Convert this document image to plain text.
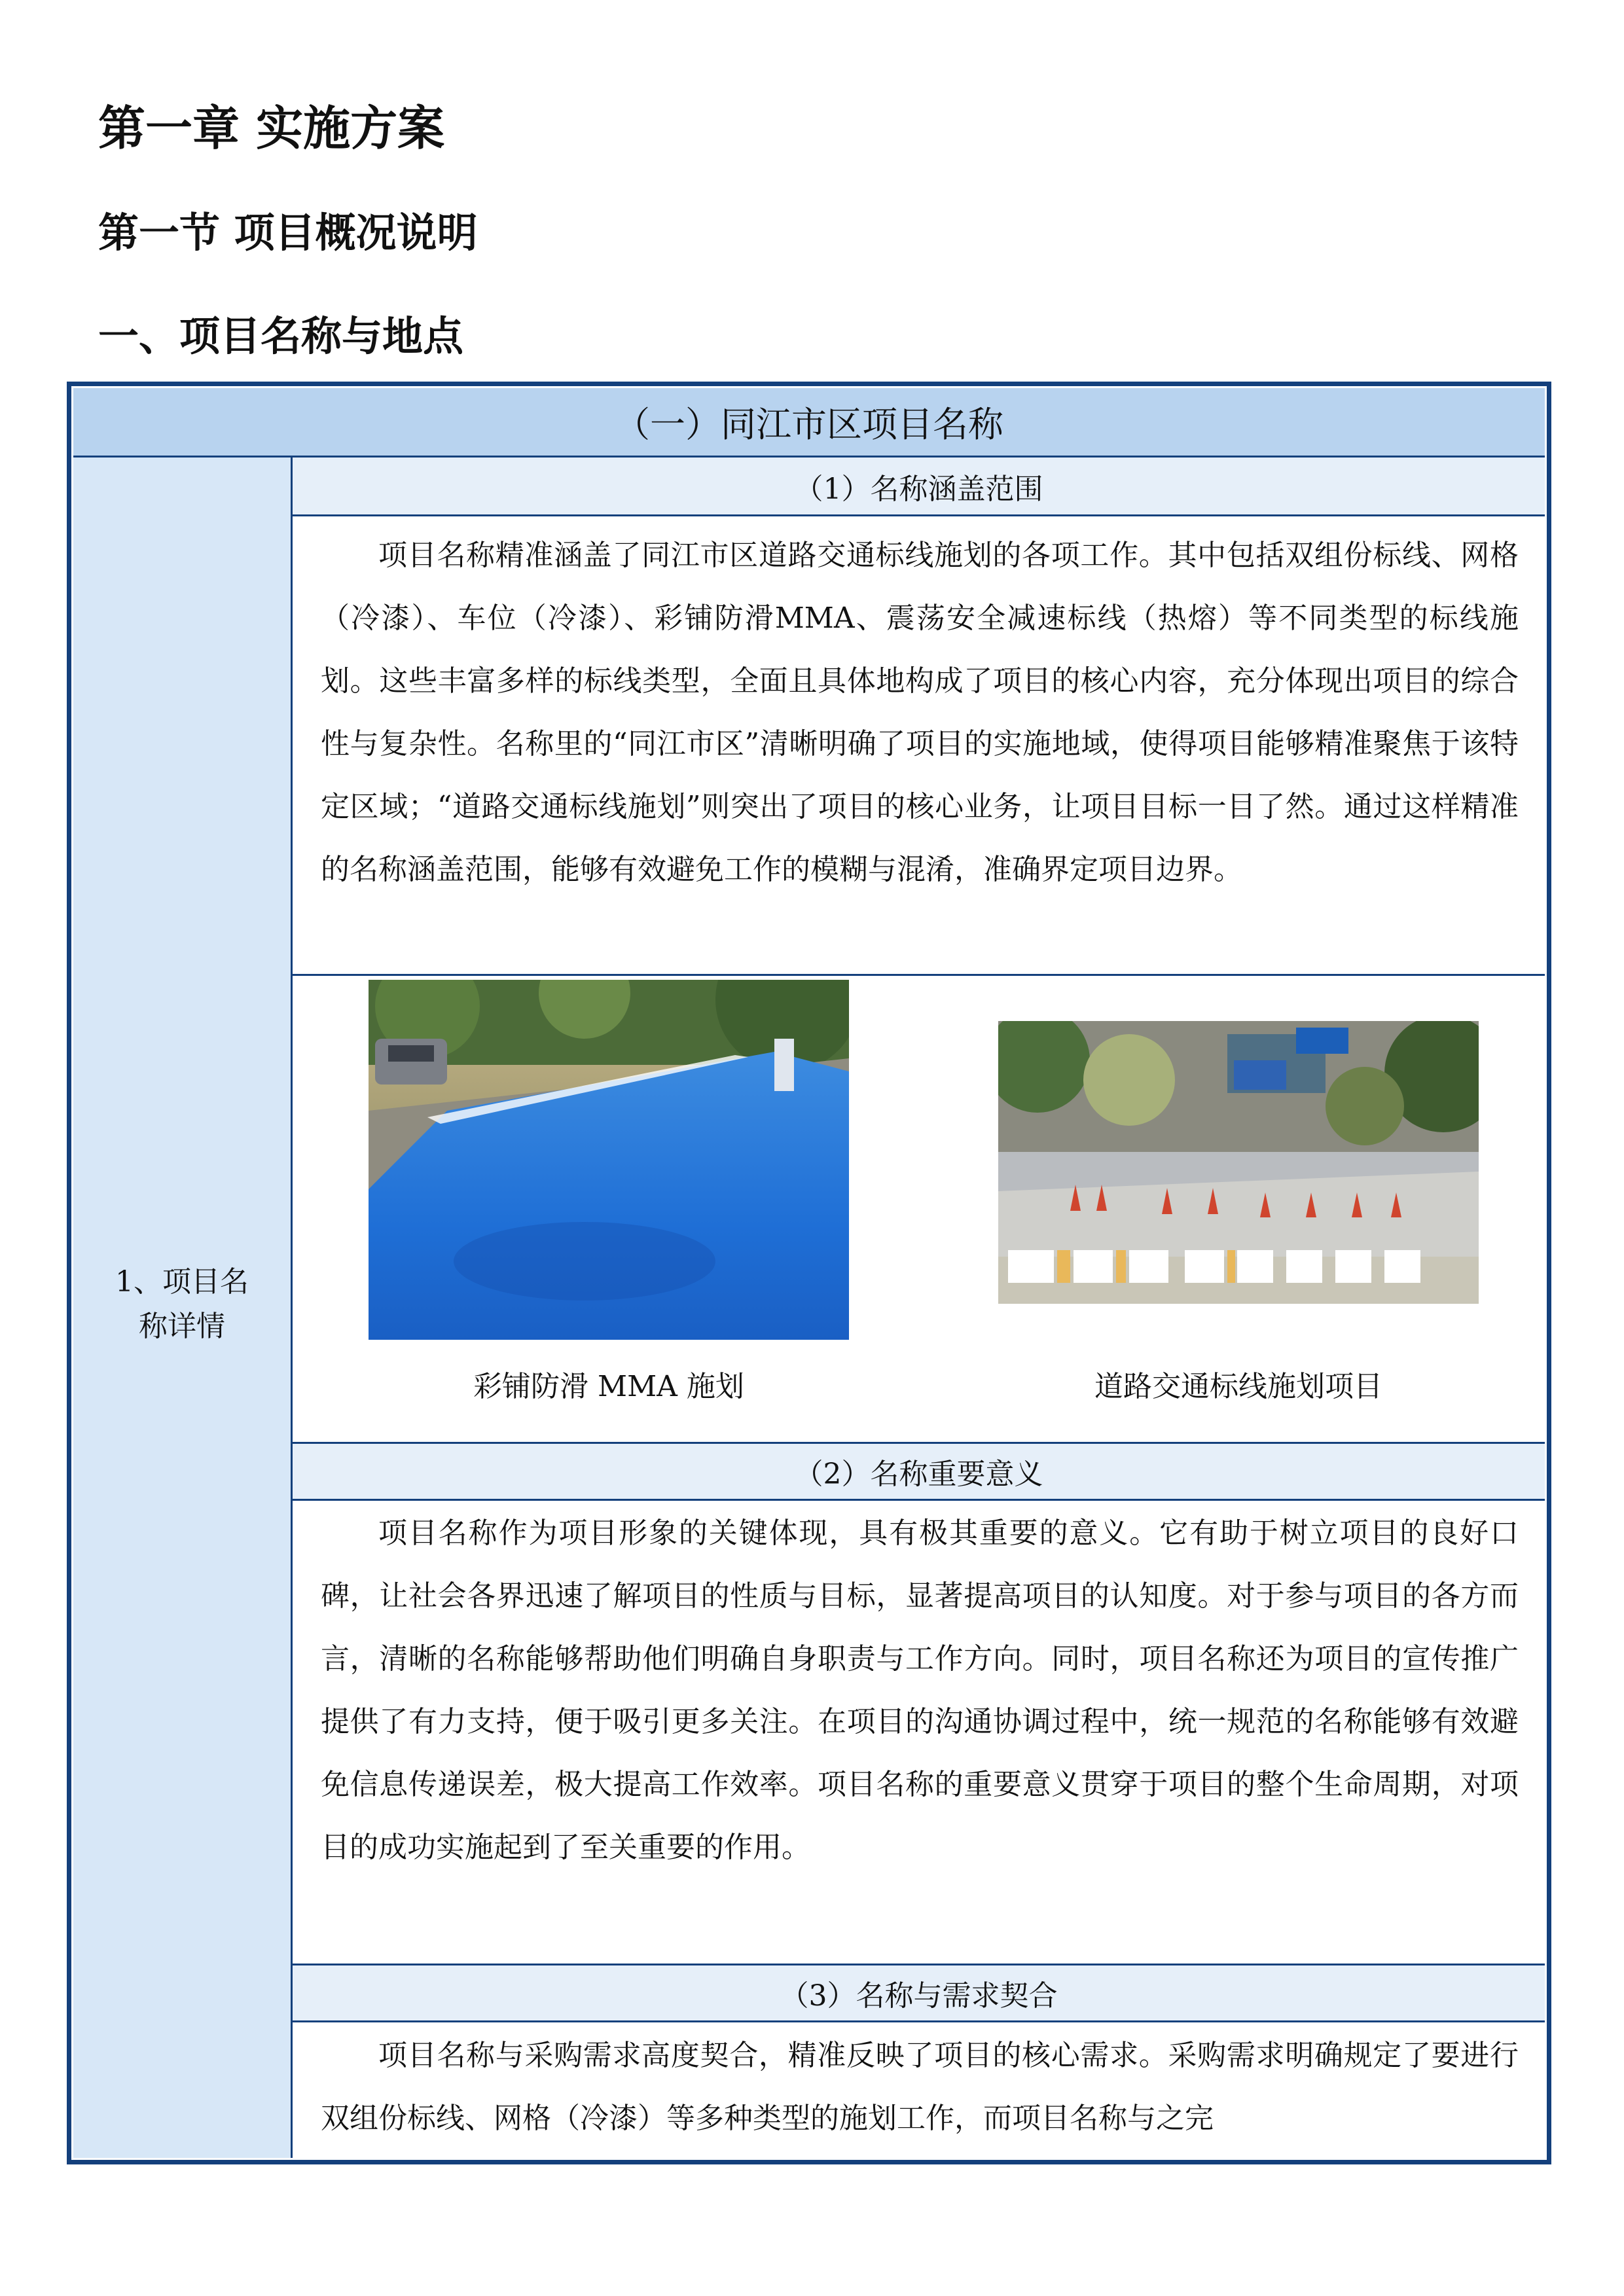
第一章 实施方案
第一节 项目概况说明
一、项目名称与地点
（一）同江市区项目名称
1、项目名
称详情
（1）名称涵盖范围

项目名称精准涵盖了同江市区道路交通标线施划的各项工作。其中包括双组份标线、网格（冷漆）、车位（冷漆）、彩铺防滑MMA、震荡安全减速标线（热熔）等不同类型的标线施划。这些丰富多样的标线类型，全面且具体地构成了项目的核心内容，充分体现出项目的综合性与复杂性。名称里的“同江市区”清晰明确了项目的实施地域，使得项目能够精准聚焦于该特定区域；“道路交通标线施划”则突出了项目的核心业务，让项目目标一目了然。通过这样精准的名称涵盖范围，能够有效避免工作的模糊与混淆，准确界定项目边界。

彩铺防滑 MMA 施划	道路交通标线施划项目
（2）名称重要意义

项目名称作为项目形象的关键体现，具有极其重要的意义。它有助于树立项目的良好口碑，让社会各界迅速了解项目的性质与目标，显著提高项目的认知度。对于参与项目的各方而言，清晰的名称能够帮助他们明确自身职责与工作方向。同时，项目名称还为项目的宣传推广提供了有力支持，便于吸引更多关注。在项目的沟通协调过程中，统一规范的名称能够有效避免信息传递误差，极大提高工作效率。项目名称的重要意义贯穿于项目的整个生命周期，对项目的成功实施起到了至关重要的作用。

（3）名称与需求契合

项目名称与采购需求高度契合，精准反映了项目的核心需求。采购需求明确规定了要进行双组份标线、网格（冷漆）等多种类型的施划工作，而项目名称与之完
